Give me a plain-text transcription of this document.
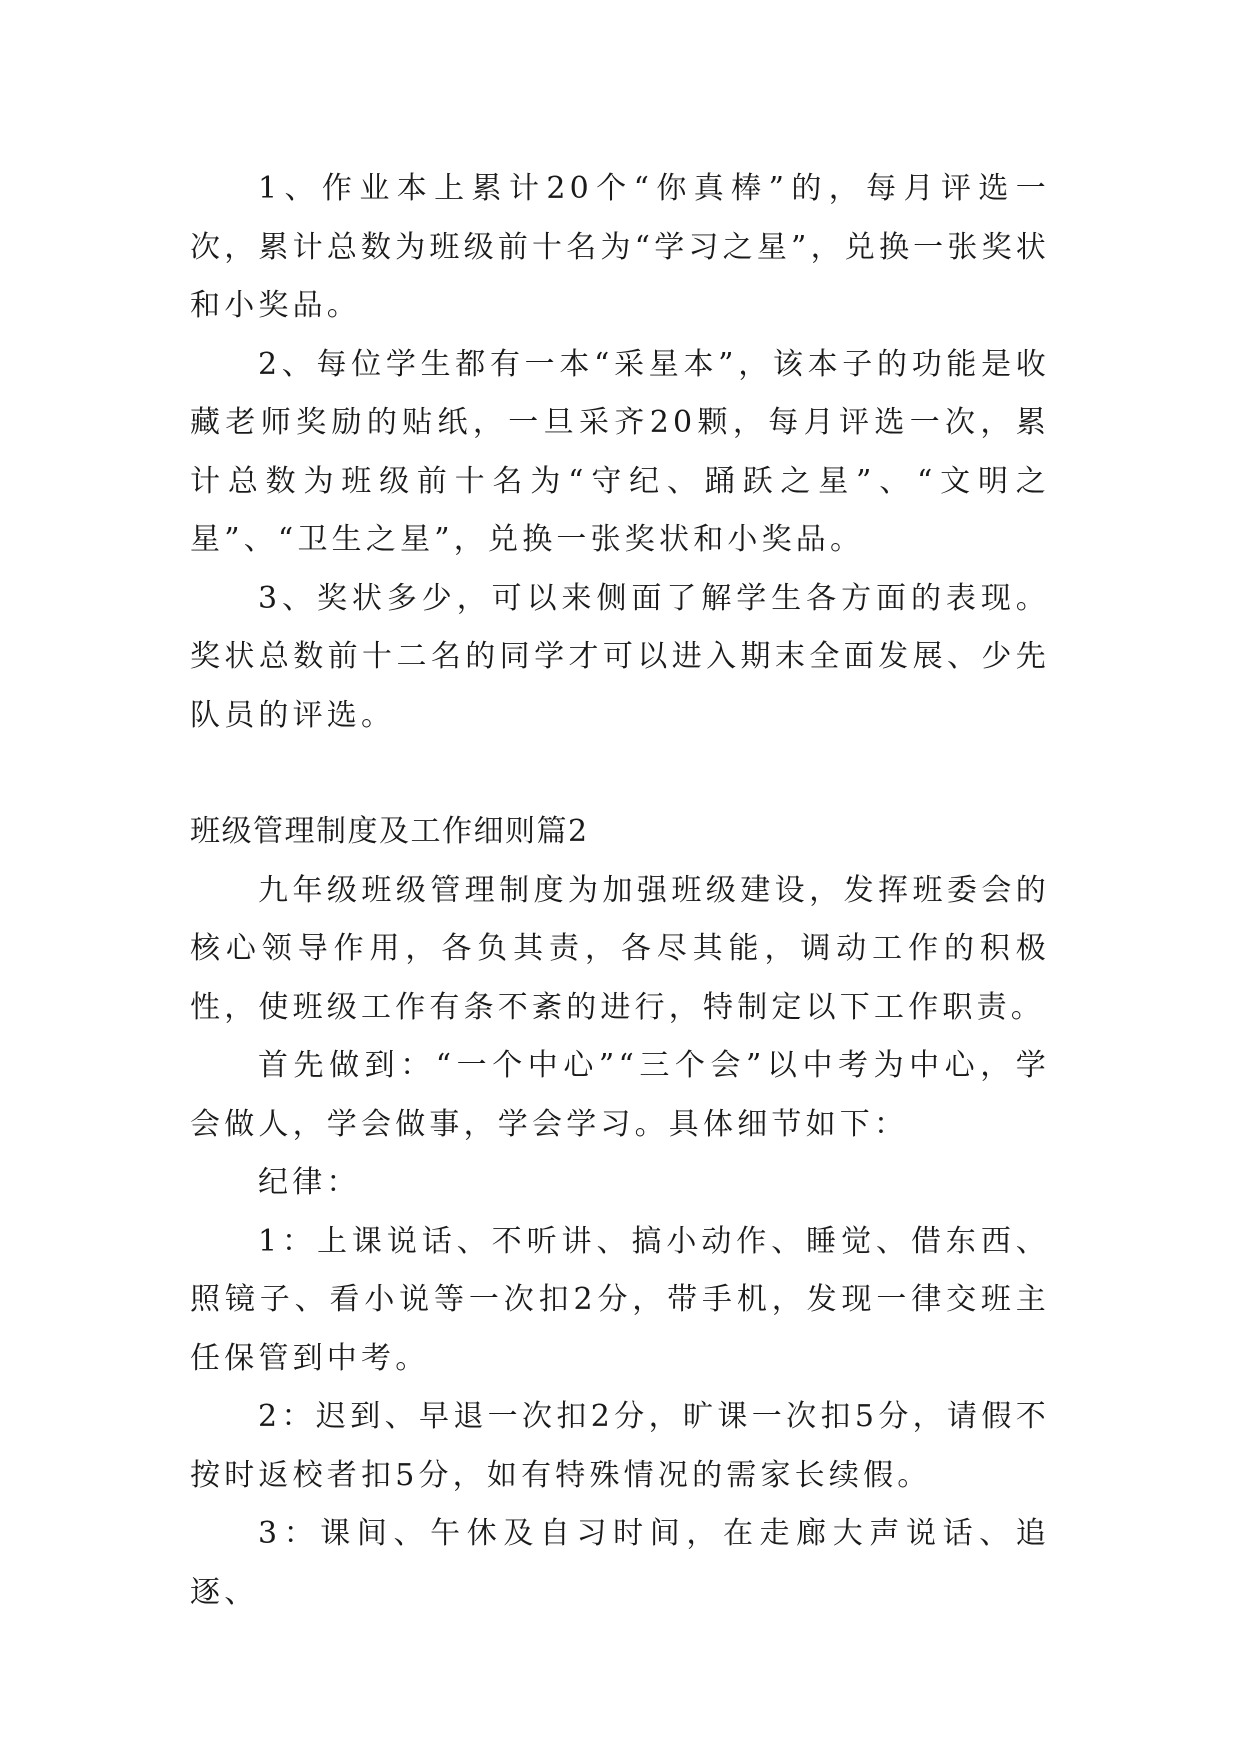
1、作业本上累计20个“你真棒”的，每月评选一次，累计总数为班级前十名为“学习之星”，兑换一张奖状和小奖品。

2、每位学生都有一本“采星本”，该本子的功能是收藏老师奖励的贴纸，一旦采齐20颗，每月评选一次，累计总数为班级前十名为“守纪、踊跃之星”、“文明之星”、“卫生之星”，兑换一张奖状和小奖品。

3、奖状多少，可以来侧面了解学生各方面的表现。奖状总数前十二名的同学才可以进入期末全面发展、少先队员的评选。

班级管理制度及工作细则篇2

九年级班级管理制度为加强班级建设，发挥班委会的核心领导作用，各负其责，各尽其能，调动工作的积极性，使班级工作有条不紊的进行，特制定以下工作职责。

首先做到：“一个中心”“三个会”以中考为中心，学会做人，学会做事，学会学习。具体细节如下：

纪律：

1：上课说话、不听讲、搞小动作、睡觉、借东西、照镜子、看小说等一次扣2分，带手机，发现一律交班主任保管到中考。

2：迟到、早退一次扣2分，旷课一次扣5分，请假不按时返校者扣5分，如有特殊情况的需家长续假。

3：课间、午休及自习时间，在走廊大声说话、追逐、
